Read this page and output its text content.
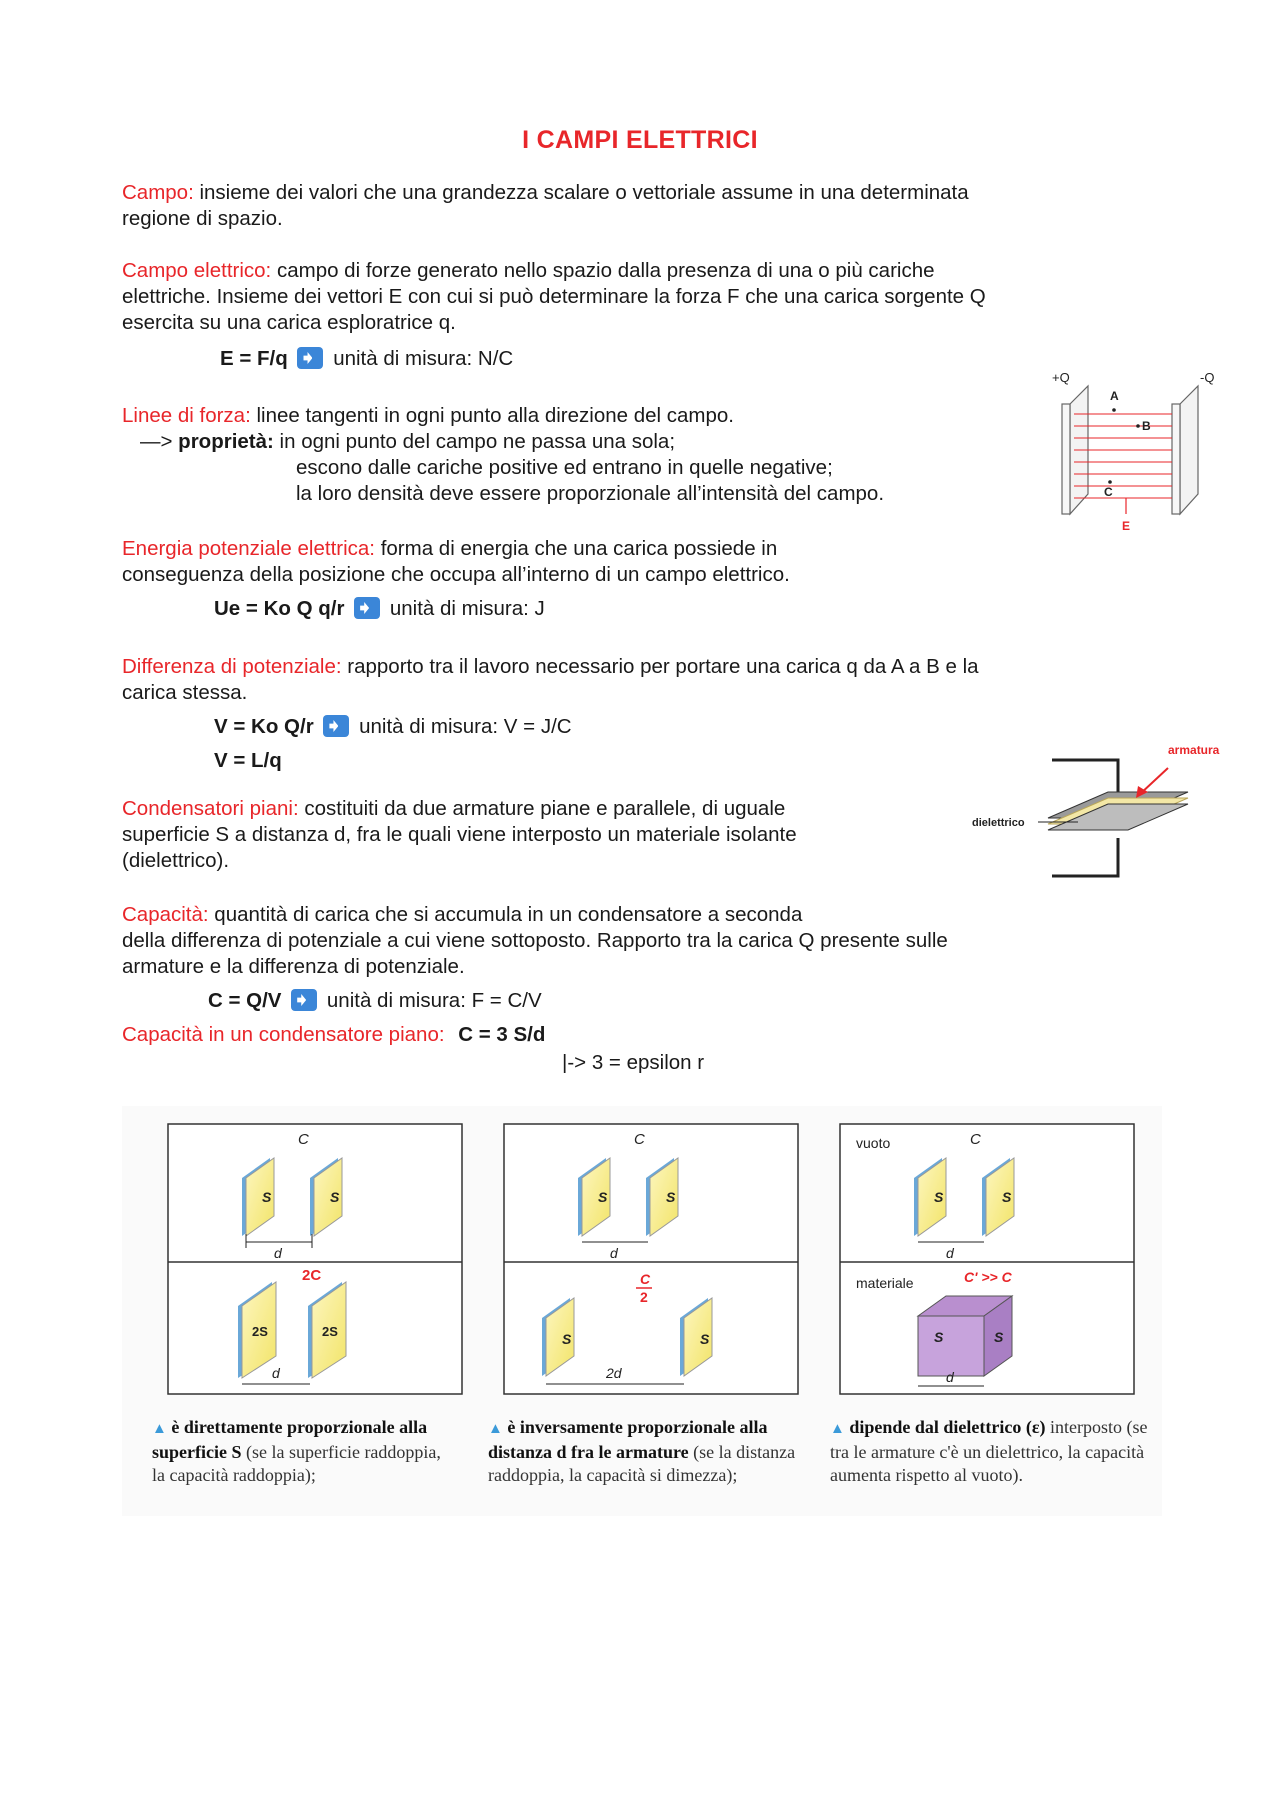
I CAMPI ELETTRICI
Campo: insieme dei valori che una grandezza scalare o vettoriale assume in una determinata
regione di spazio.
Campo elettrico: campo di forze generato nello spazio dalla presenza di una o più cariche
elettriche. Insieme dei vettori E con cui si può determinare la forza F che una carica sorgente Q
esercita su una carica esploratrice q.
E = F/q unità di misura: N/C
+Q	-Q
A
B
C
E
Linee di forza: linee tangenti in ogni punto alla direzione del campo.
—> proprietà: in ogni punto del campo ne passa una sola;
escono dalle cariche positive ed entrano in quelle negative;
la loro densità deve essere proporzionale all’intensità del campo.
Energia potenziale elettrica: forma di energia che una carica possiede in
conseguenza della posizione che occupa all’interno di un campo elettrico.
Ue = Ko Q q/r unità di misura: J
Differenza di potenziale: rapporto tra il lavoro necessario per portare una carica q da A a B e la
carica stessa.
V = Ko Q/r unità di misura: V = J/C
V = L/q	armatura
dielettrico
Condensatori piani: costituiti da due armature piane e parallele, di uguale
superficie S a distanza d, fra le quali viene interposto un materiale isolante
(dielettrico).
Capacità: quantità di carica che si accumula in un condensatore a seconda
della differenza di potenziale a cui viene sottoposto. Rapporto tra la carica Q presente sulle
armature e la differenza di potenziale.
C = Q/V unità di misura: F = C/V
Capacità in un condensatore piano: C = 3 S/d
|-> 3 = epsilon r
C
S	S
d
2C
2S	2S
d
C
S	S
d
C
2
S	S
2d
vuoto	C
S	S
d
materiale	C' >> C
S	S
d
▲ è direttamente proporzionale alla superficie S (se la superficie raddoppia, la capacità raddoppia);
▲ è inversamente proporzionale alla distanza d fra le armature (se la distanza raddoppia, la capacità si dimezza);
▲ dipende dal dielettrico (ε) interposto (se tra le armature c'è un dielettrico, la capacità aumenta rispetto al vuoto).
